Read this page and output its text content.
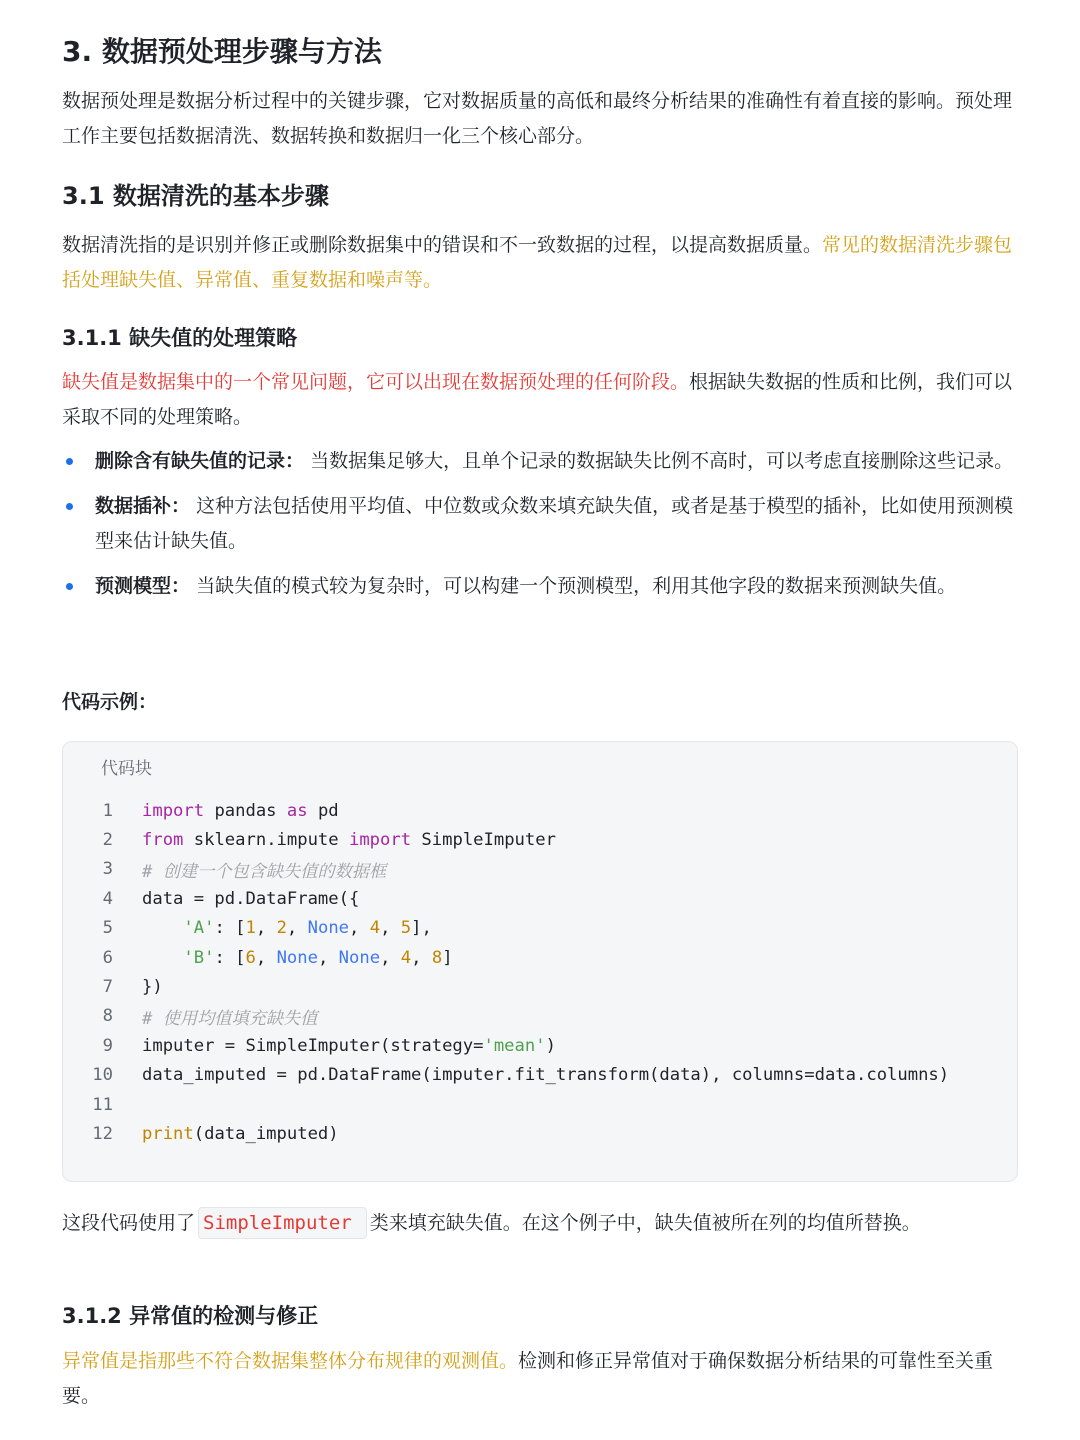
3. 数据预处理步骤与方法

数据预处理是数据分析过程中的关键步骤，它对数据质量的高低和最终分析结果的准确性有着直接的影响。预处理工作主要包括数据清洗、数据转换和数据归一化三个核心部分。

3.1 数据清洗的基本步骤

数据清洗指的是识别并修正或删除数据集中的错误和不一致数据的过程，以提高数据质量。常见的数据清洗步骤包括处理缺失值、异常值、重复数据和噪声等。

3.1.1 缺失值的处理策略

缺失值是数据集中的一个常见问题，它可以出现在数据预处理的任何阶段。根据缺失数据的性质和比例，我们可以采取不同的处理策略。

删除含有缺失值的记录： 当数据集足够大，且单个记录的数据缺失比例不高时，可以考虑直接删除这些记录。
数据插补： 这种方法包括使用平均值、中位数或众数来填充缺失值，或者是基于模型的插补，比如使用预测模型来估计缺失值。
预测模型： 当缺失值的模式较为复杂时，可以构建一个预测模型，利用其他字段的数据来预测缺失值。
代码示例：
代码块
1 import pandas as pd
2 from sklearn.impute import SimpleImputer
3 # 创建一个包含缺失值的数据框
4 data = pd.DataFrame({
5	'A': [1, 2, None, 4, 5],
6	'B': [6, None, None, 4, 8]
7 })
8 # 使用均值填充缺失值
9 imputer = SimpleImputer(strategy='mean')
10 data_imputed = pd.DataFrame(imputer.fit_transform(data), columns=data.columns)
11
12 print(data_imputed)

这段代码使用了 SimpleImputer 类来填充缺失值。在这个例子中，缺失值被所在列的均值所替换。

3.1.2 异常值的检测与修正

异常值是指那些不符合数据集整体分布规律的观测值。检测和修正异常值对于确保数据分析结果的可靠性至关重要。
